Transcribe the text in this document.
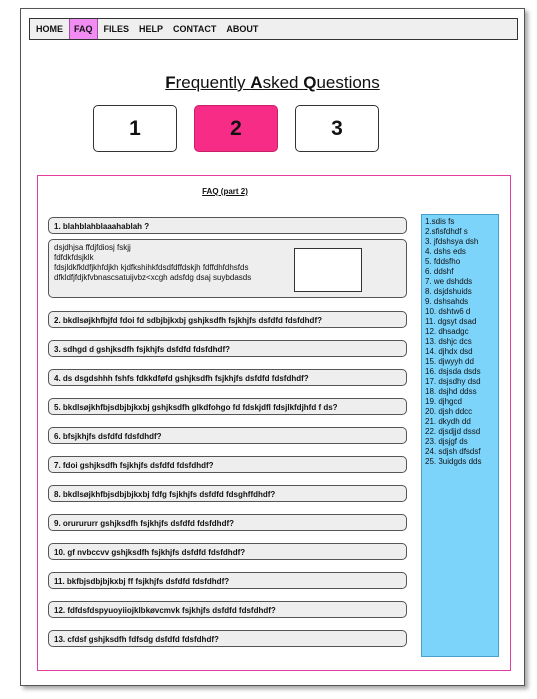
HOME	FAQ	FILES	HELP	CONTACT	ABOUT
Frequently Asked Questions
1	2	3
FAQ (part 2)
1. blahblahblaaahablah ?
dsjdhjsa ffdjfdiosj fskjj
fdfdkfdsjklk
fdsjldkfkldfjkhfdjkh kjdfkshihkfdsdfdffdskjh fdffdhfdhsfds
dfkldfjfdjkfvbnascsatuijvbz<xcgh adsfdg dsaj suybdasds
2. bkdlsøjkhfbjfd fdoi fd sdbjbjkxbj gshjksdfh fsjkhjfs dsfdfd fdsfdhdf?
3. sdhgd d gshjksdfh fsjkhjfs dsfdfd fdsfdhdf?
4. ds dsgdshhh fshfs fdkkdføfd gshjksdfh fsjkhjfs dsfdfd fdsfdhdf?
5. bkdlsøjkhfbjsdbjbjkxbj gshjksdfh glkdfohgo fd fdskjdfl fdsjlkfdjhfd f ds?
6. bfsjkhjfs dsfdfd fdsfdhdf?
7. fdoi gshjksdfh fsjkhjfs dsfdfd fdsfdhdf?
8. bkdlsøjkhfbjsdbjbjkxbj fdfg fsjkhjfs dsfdfd fdsghffdhdf?
9. orurururr gshjksdfh fsjkhjfs dsfdfd fdsfdhdf?
10. gf nvbccvv gshjksdfh fsjkhjfs dsfdfd fdsfdhdf?
11. bkfbjsdbjbjkxbj ff fsjkhjfs dsfdfd fdsfdhdf?
12. fdfdsfdspyuoyiiojklbkøvcmvk fsjkhjfs dsfdfd fdsfdhdf?
13. cfdsf gshjksdfh fdfsdg dsfdfd fdsfdhdf?
1.sdis fs
2.sfisfdhdf s
3. jfdshsya dsh
4. dshs eds
5. fddsfho
6. ddshf
7. we dshdds
8. dsjdshuids
9. dshsahds
10. dshtw6 d
11. dgsyt dsad
12. dhsadgc
13. dshjc dcs
14. djhdx dsd
15. djwyyh dd
16. dsjsda dsds
17. dsjsdhy dsd
18. dsjhd ddss
19. djhgcd
20. djsh ddcc
21. dkydh dd
22. djsdjjd dssd
23. djsjgf ds
24. sdjsh dfsdsf
25. 3uidgds dds
